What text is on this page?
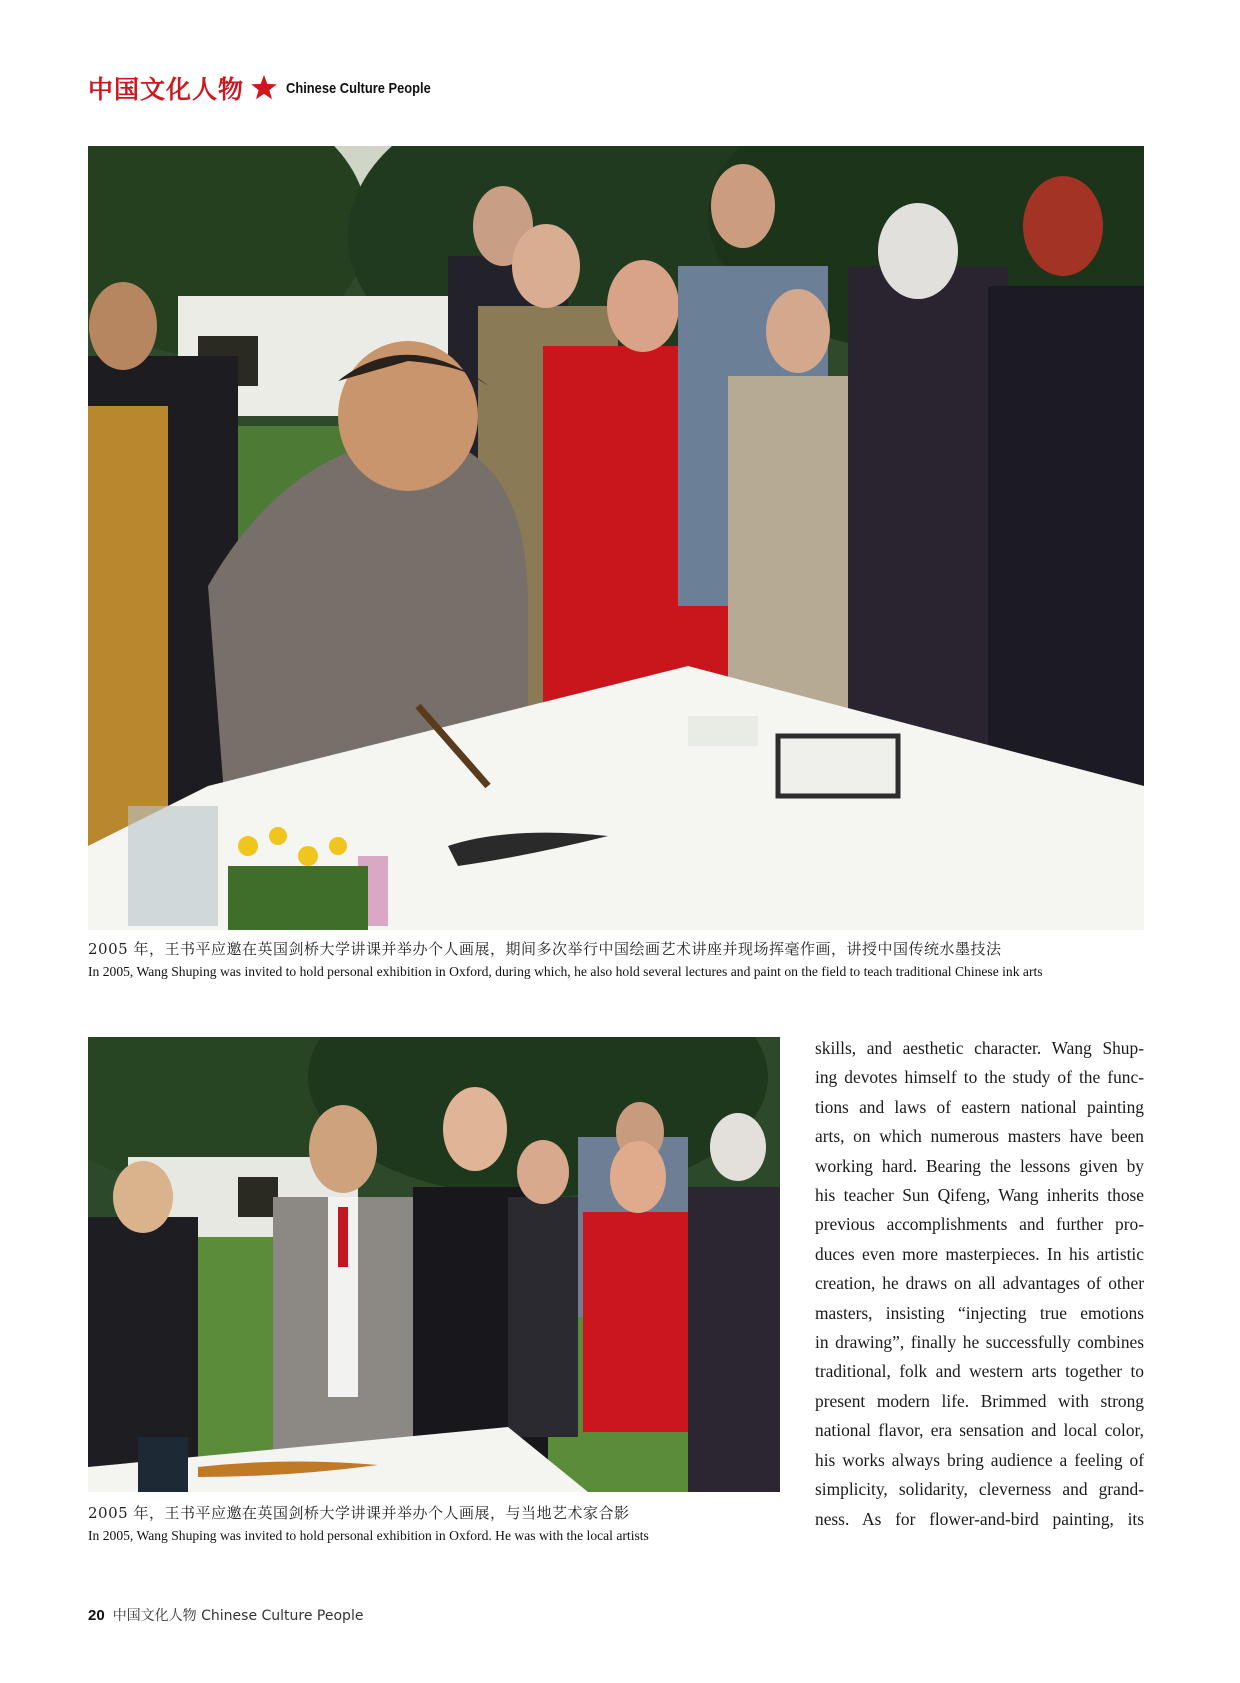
中国文化人物	Chinese Culture People
2005 年，王书平应邀在英国剑桥大学讲课并举办个人画展，期间多次举行中国绘画艺术讲座并现场挥毫作画，讲授中国传统水墨技法
In 2005, Wang Shuping was invited to hold personal exhibition in Oxford, during which, he also hold several lectures and paint on the field to teach traditional Chinese ink arts
2005 年，王书平应邀在英国剑桥大学讲课并举办个人画展，与当地艺术家合影
In 2005, Wang Shuping was invited to hold personal exhibition in Oxford. He was with the local artists
skills, and aesthetic character. Wang Shup-
ing devotes himself to the study of the func-
tions and laws of eastern national painting
arts, on which numerous masters have been
working hard. Bearing the lessons given by
his teacher Sun Qifeng, Wang inherits those
previous accomplishments and further pro-
duces even more masterpieces. In his artistic
creation, he draws on all advantages of other
masters, insisting “injecting true emotions
in drawing”, finally he successfully combines
traditional, folk and western arts together to
present modern life. Brimmed with strong
national flavor, era sensation and local color,
his works always bring audience a feeling of
simplicity, solidarity, cleverness and grand-
ness. As for flower-and-bird painting, its
20 中国文化人物 Chinese Culture People
